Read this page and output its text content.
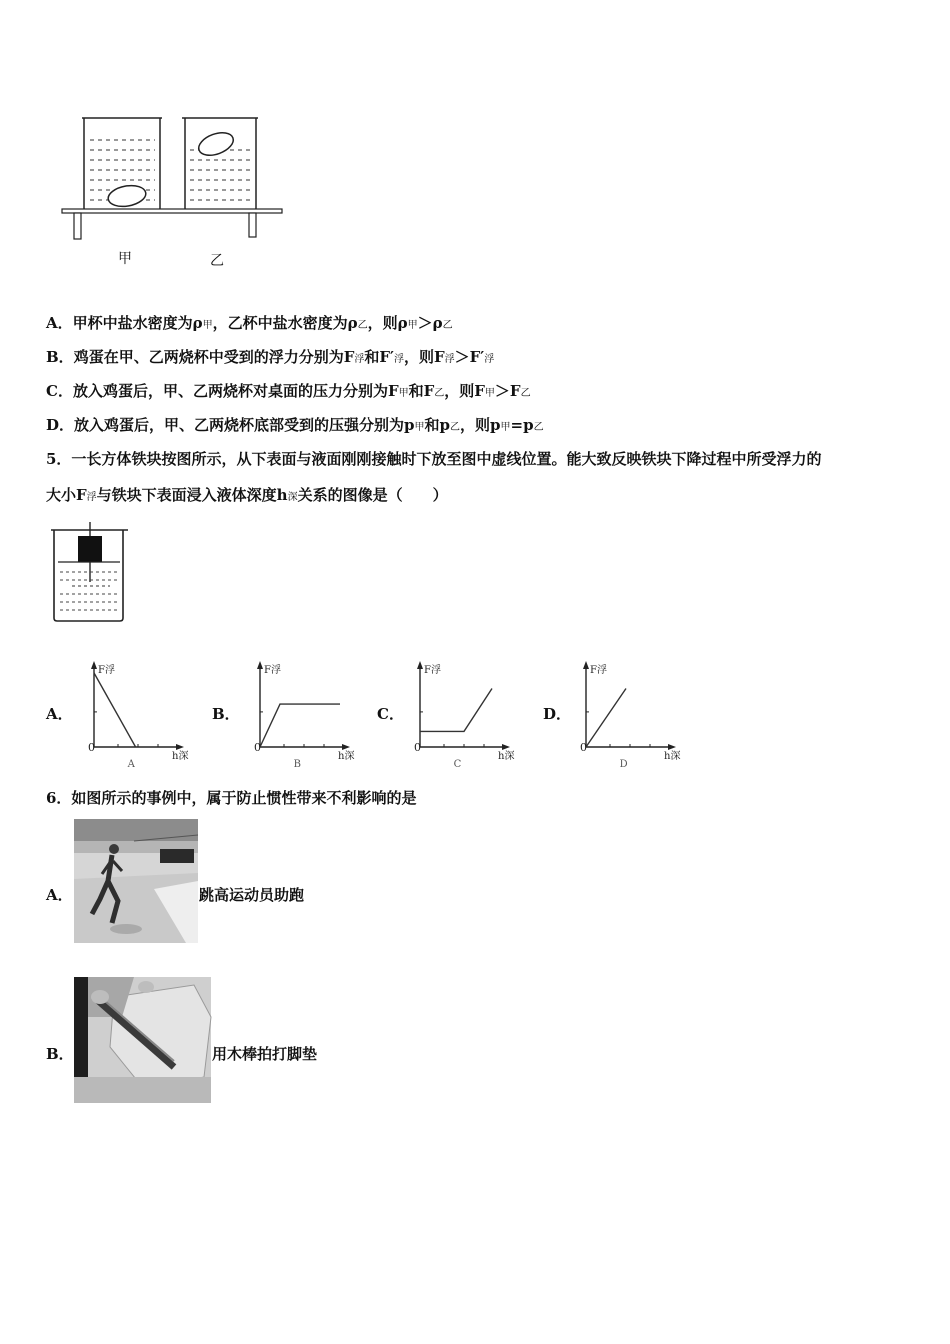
甲	乙
A．甲杯中盐水密度为ρ甲，乙杯中盐水密度为ρ乙，则ρ甲＞ρ乙
B．鸡蛋在甲、乙两烧杯中受到的浮力分别为F浮和F′浮，则F浮＞F′浮
C．放入鸡蛋后，甲、乙两烧杯对桌面的压力分别为F甲和F乙，则F甲＞F乙
D．放入鸡蛋后，甲、乙两烧杯底部受到的压强分别为p甲和p乙，则p甲=p乙
5．一长方体铁块按图所示，从下表面与液面刚刚接触时下放至图中虚线位置。能大致反映铁块下降过程中所受浮力的
大小F浮与铁块下表面浸入液体深度h深关系的图像是（　　）
A．
F浮
h深
0
A
B．
F浮
h深
0
B
C．
F浮
h深
0
C
D．
F浮
h深
0
D
6．如图所示的事例中，属于防止惯性带来不利影响的是
A．	跳高运动员助跑
B．	用木棒拍打脚垫
